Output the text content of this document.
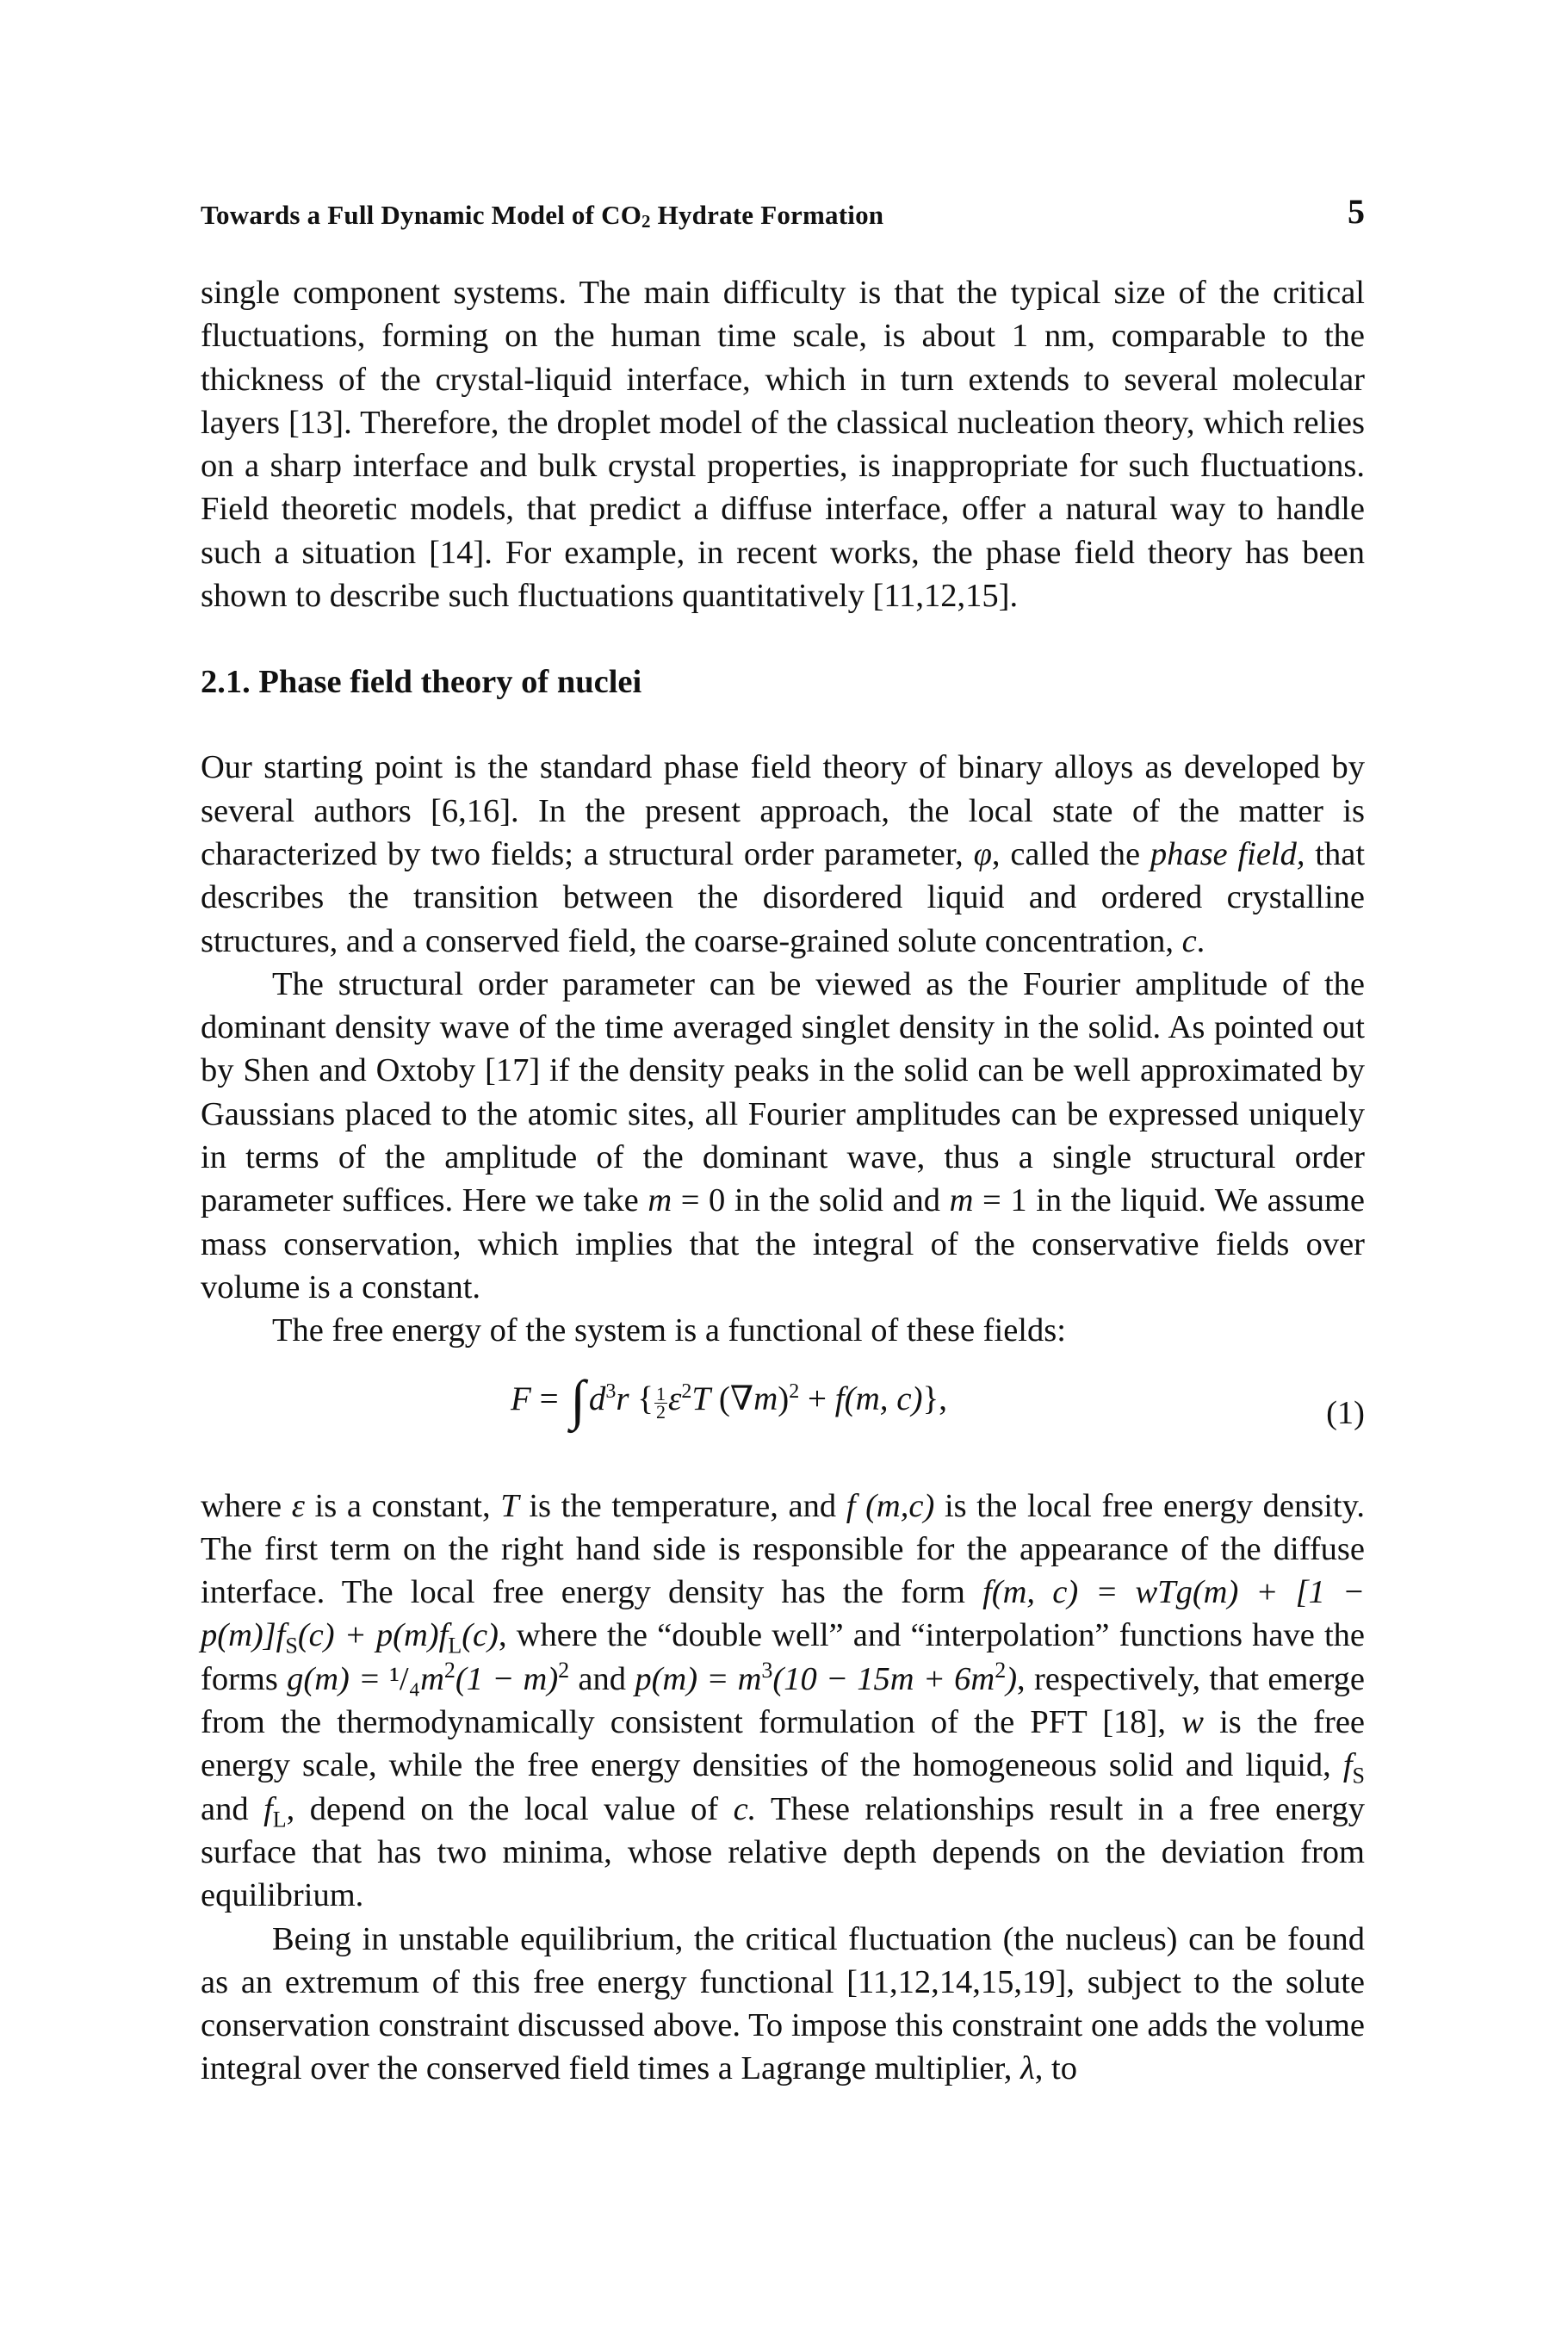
Towards a Full Dynamic Model of $CO_2$ Hydrate Formation	5

single component systems. The main difficulty is that the typical size of the critical fluctuations, forming on the human time scale, is about 1 nm, comparable to the thickness of the crystal-liquid interface, which in turn extends to several molecular layers [13]. Therefore, the droplet model of the classical nucleation theory, which relies on a sharp interface and bulk crystal properties, is inappropriate for such fluctuations. Field theoretic models, that predict a diffuse interface, offer a natural way to handle such a situation [14]. For example, in recent works, the phase field theory has been shown to describe such fluctuations quantitatively [11,12,15].

2.1. Phase field theory of nuclei

Our starting point is the standard phase field theory of binary alloys as developed by several authors [6,16]. In the present approach, the local state of the matter is characterized by two fields; a structural order parameter, φ, called the phase field, that describes the transition between the disordered liquid and ordered crystalline structures, and a conserved field, the coarse-grained solute concentration, c.

The structural order parameter can be viewed as the Fourier amplitude of the dominant density wave of the time averaged singlet density in the solid. As pointed out by Shen and Oxtoby [17] if the density peaks in the solid can be well approximated by Gaussians placed to the atomic sites, all Fourier amplitudes can be expressed uniquely in terms of the amplitude of the dominant wave, thus a single structural order parameter suffices. Here we take m = 0 in the solid and m = 1 in the liquid. We assume mass conservation, which implies that the integral of the conservative fields over volume is a constant.

The free energy of the system is a functional of these fields:

F = ∫ $d^3r$ { $\frac{1}{2} \varepsilon^2T$ $(\nabla m)^2 + f(m$, c)},	(1)

where ε is a constant, T is the temperature, and f (m,c) is the local free energy density. The first term on the right hand side is responsible for the appearance of the diffuse interface. The local free energy density has the form f(m, $c) = wTg(m) + [1 - p(m)]f_S(c) + p(m)f_L(c)$, where the “double well” and “interpolation” functions have the forms $g(m) = ^1/_4m^2(1 - m)^2$ and $p(m) = m^3(10 - 15m + 6m^2)$, respectively, that emerge from the thermodynamically consistent formulation of the PFT [18], w is the free energy scale, while the free energy densities of the homogeneous solid and liquid, $f_S$ and $f_L$, depend on the local value of c. These relationships result in a free energy surface that has two minima, whose relative depth depends on the deviation from equilibrium.

Being in unstable equilibrium, the critical fluctuation (the nucleus) can be found as an extremum of this free energy functional [11,12,14,15,19], subject to the solute conservation constraint discussed above. To impose this constraint one adds the volume integral over the conserved field times a Lagrange multiplier, λ, to
